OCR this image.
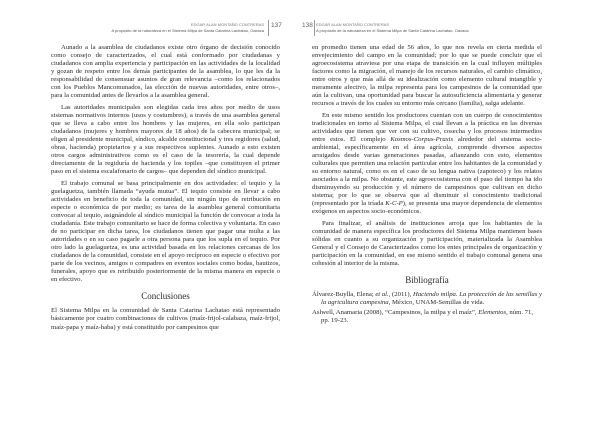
EDGAR ALAN MONTAÑO CONTRERAS
A propósito de la naturaleza en el Sistema Milpa de Santa Catarina Lachatao, Oaxaca
137

Aunado a la asamblea de ciudadanos existe otro órgano de decisión conocido como consejo de caracterizados, el cual está conformado por ciudadanas y ciudadanos con amplia experiencia y participación en las actividades de la localidad y gozan de respeto entre los demás participantes de la asamblea, lo que les da la responsabilidad de consensuar asuntos de gran relevancia –como los relacionados con los Pueblos Mancomunados, las elección de nuevas autoridades, entre otros–, para la comunidad antes de llevarlos a la asamblea general.

Las autoridades municipales son elegidas cada tres años por medio de usos sistemas normativos internos (usos y costumbres), a través de una asamblea general que se lleva a cabo entre los hombres y las mujeres, en ella solo participan ciudadanos (mujeres y hombres mayores de 18 años) de la cabecera municipal; se eligen al presidente municipal, síndico, alcalde constitucional y tres regidores (salud, obras, hacienda) propietarios y a sus respectivos suplentes. Aunado a esto existen otros cargos administrativos como es el caso de la tesorería, la cual depende directamente de la regiduría de hacienda y los topiles –que constituyen el primer paso en el sistema escalafonario de cargos– que dependen del síndico municipal.

El trabajo comunal se basa principalmente en dos actividades: el tequio y la guelaguetza, también llamada “ayuda mutua”. El tequio consiste en llevar a cabo actividades en beneficio de toda la comunidad, sin ningún tipo de retribución en especie o económica de por medio; es tarea de la asamblea general comunitaria convocar al tequio, asignándole al síndico municipal la función de convocar a toda la ciudadanía. Este trabajo comunitario se hace de forma colectiva y voluntaria. En caso de no participar en dicha tarea, los ciudadanos tienen que pagar una multa a las autoridades o en su caso pagarle a otra persona para que los supla en el tequio. Por otro lado la guelaguetza, es una actividad basada en los relaciones cercanas de los ciudadanos de la comunidad, consiste en el apoyo recíproco en especie o efectivo por parte de los vecinos, amigos o compadres en eventos sociales como bodas, bautizos, funerales, apoyo que es retribuido posteriormente de la misma manera en especie o en efectivo.

Conclusiones

El Sistema Milpa en la comunidad de Santa Catarina Lachatao está representado básicamente por cuatro combinaciones de cultivos (maíz-frijol-calabaza, maíz-frijol, maíz-papa y maíz-haba) y está constituido por campesinos que

138 EDGAR ALAN MONTAÑO CONTRERAS
A propósito de la naturaleza en el Sistema Milpa de Santa Catarina Lachatao, Oaxaca

en promedio tienen una edad de 56 años, lo que nos revela en cierta medida el envejecimiento del campo en la comunidad; por lo que se puede concluir que el agroecosistema atraviesa por una etapa de transición en la cual influyen múltiples factores como la migración, el manejo de los recursos naturales, el cambio climático, entre otros y que más allá de su idealización como elemento cultural intangible y meramente afectivo, la milpa representa para los campesinos de la comunidad que aún la cultivan, una oportunidad para buscar la autosuficiencia alimentaria y generar recursos a través de los cuales su entorno más cercano (familia), salga adelante.

En este mismo sentido los productores cuentan con un cuerpo de conocimientos tradicionales en torno al Sistema Milpa, el cual llevan a la práctica en las diversas actividades que tienen que ver con su cultivo, cosecha y los procesos intermedios entre estos. El complejo Kosmos-Corpus-Praxis alrededor del sistema socio-ambiental, específicamente en el área agrícola, comprende diversos aspectos arraigados desde varias generaciones pasadas, afianzando con esto, elementos culturales que permiten una relación particular entre los habitantes de la comunidad y su entorno natural, como es en el caso de su lengua nativa (zapoteco) y los relatos asociados a la milpa. No obstante, este agroecosistema con el paso del tiempo ha ido disminuyendo su producción y el número de campesinos que cultivan en dicho sistema; por lo que se observa que al disminuir el conocimiento tradicional (representado por la tríada K-C-P), se presenta una mayor dependencia de elementos exógenos en aspectos socio-económicos.

Para finalizar, el análisis de instituciones arroja que los habitantes de la comunidad de manera específica los productores del Sistema Milpa mantienen bases sólidas en cuanto a su organización y participación, materializada la Asamblea General y el Consejo de Caracterizados como los entes principales de organización y participación en la comunidad, en ese mismo sentido el trabajo comunal genera una cohesión al interior de la misma.

Bibliografía

Álvarez-Buylla, Elena; et al., (2011), Haciendo milpa. La protección de las semillas y la agricultura campesina, México, UNAM-Semillas de vida.

Aslwell, Anamaria (2008), “Campesinos, la milpa y el maíz”, Elementos, núm. 71, pp. 19-23.
